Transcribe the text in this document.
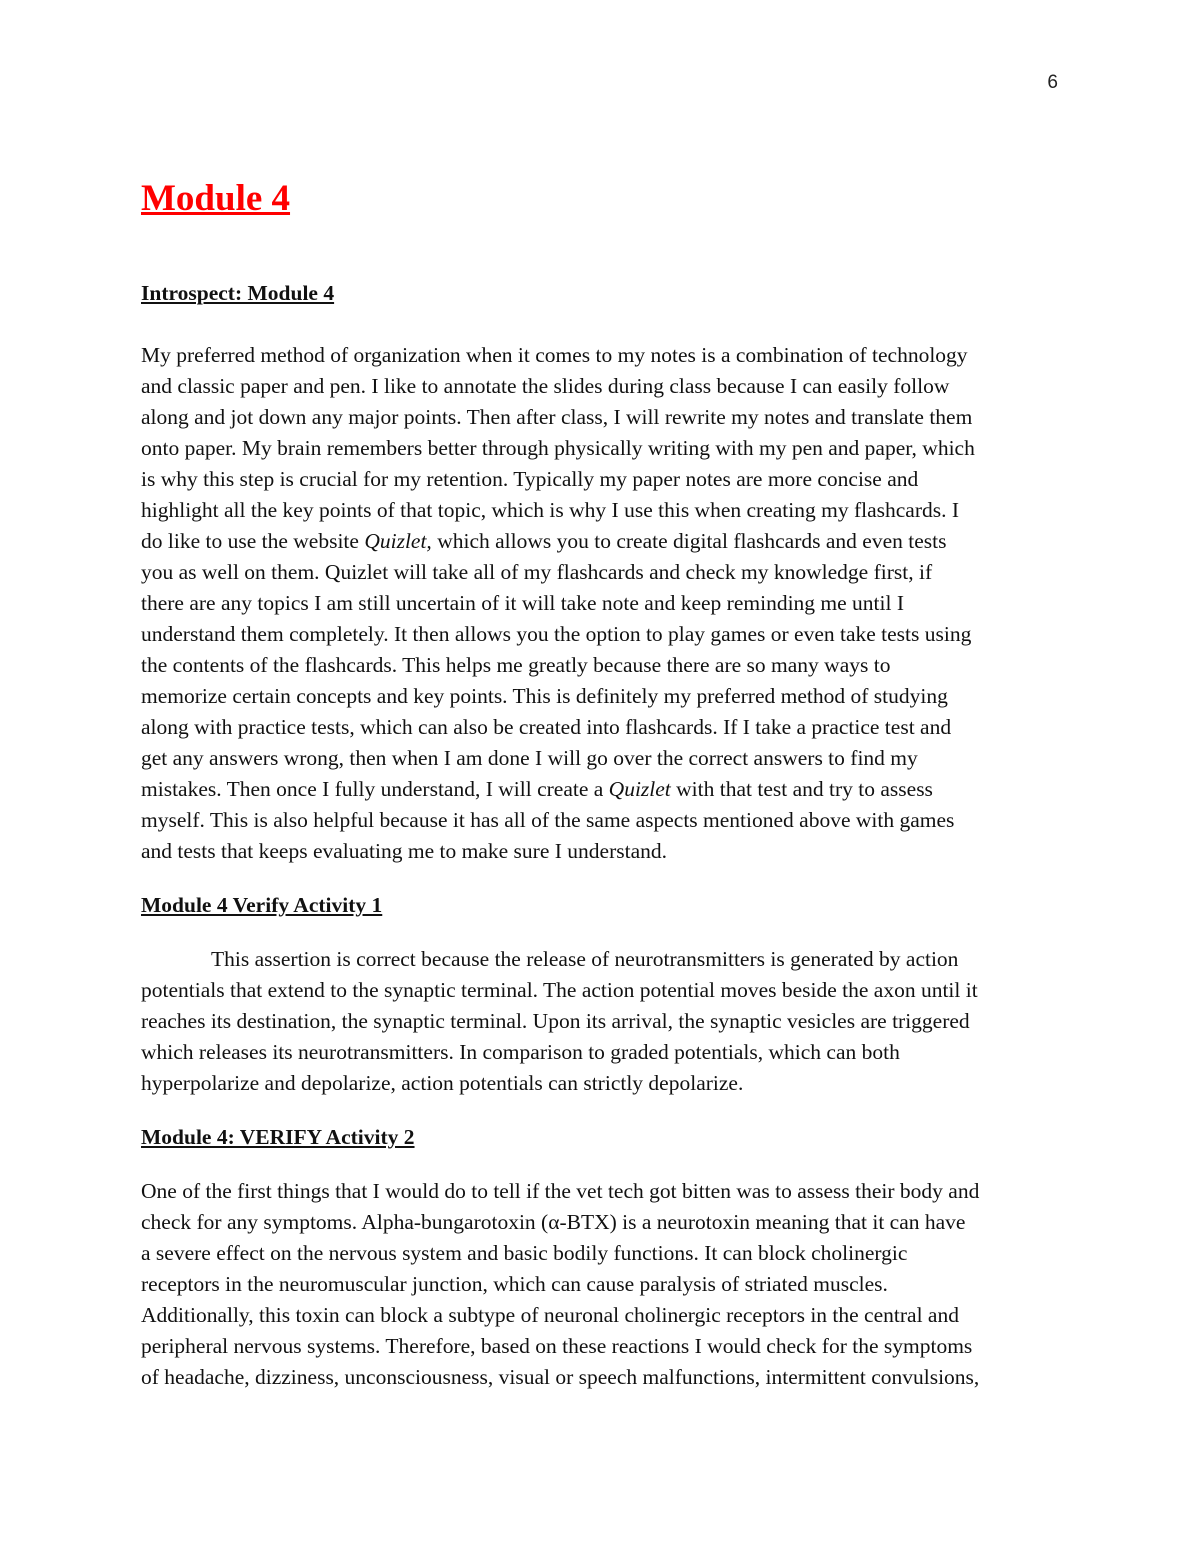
6
Module 4
Introspect: Module 4

My preferred method of organization when it comes to my notes is a combination of technology
and classic paper and pen. I like to annotate the slides during class because I can easily follow
along and jot down any major points. Then after class, I will rewrite my notes and translate them
onto paper. My brain remembers better through physically writing with my pen and paper, which
is why this step is crucial for my retention. Typically my paper notes are more concise and
highlight all the key points of that topic, which is why I use this when creating my flashcards. I
do like to use the website Quizlet, which allows you to create digital flashcards and even tests
you as well on them. Quizlet will take all of my flashcards and check my knowledge first, if
there are any topics I am still uncertain of it will take note and keep reminding me until I
understand them completely. It then allows you the option to play games or even take tests using
the contents of the flashcards. This helps me greatly because there are so many ways to
memorize certain concepts and key points. This is definitely my preferred method of studying
along with practice tests, which can also be created into flashcards. If I take a practice test and
get any answers wrong, then when I am done I will go over the correct answers to find my
mistakes. Then once I fully understand, I will create a Quizlet with that test and try to assess
myself. This is also helpful because it has all of the same aspects mentioned above with games
and tests that keeps evaluating me to make sure I understand.

Module 4 Verify Activity 1

This assertion is correct because the release of neurotransmitters is generated by action
potentials that extend to the synaptic terminal. The action potential moves beside the axon until it
reaches its destination, the synaptic terminal. Upon its arrival, the synaptic vesicles are triggered
which releases its neurotransmitters. In comparison to graded potentials, which can both
hyperpolarize and depolarize, action potentials can strictly depolarize.

Module 4: VERIFY Activity 2

One of the first things that I would do to tell if the vet tech got bitten was to assess their body and
check for any symptoms. Alpha-bungarotoxin (α-BTX) is a neurotoxin meaning that it can have
a severe effect on the nervous system and basic bodily functions. It can block cholinergic
receptors in the neuromuscular junction, which can cause paralysis of striated muscles.
Additionally, this toxin can block a subtype of neuronal cholinergic receptors in the central and
peripheral nervous systems. Therefore, based on these reactions I would check for the symptoms
of headache, dizziness, unconsciousness, visual or speech malfunctions, intermittent convulsions,
